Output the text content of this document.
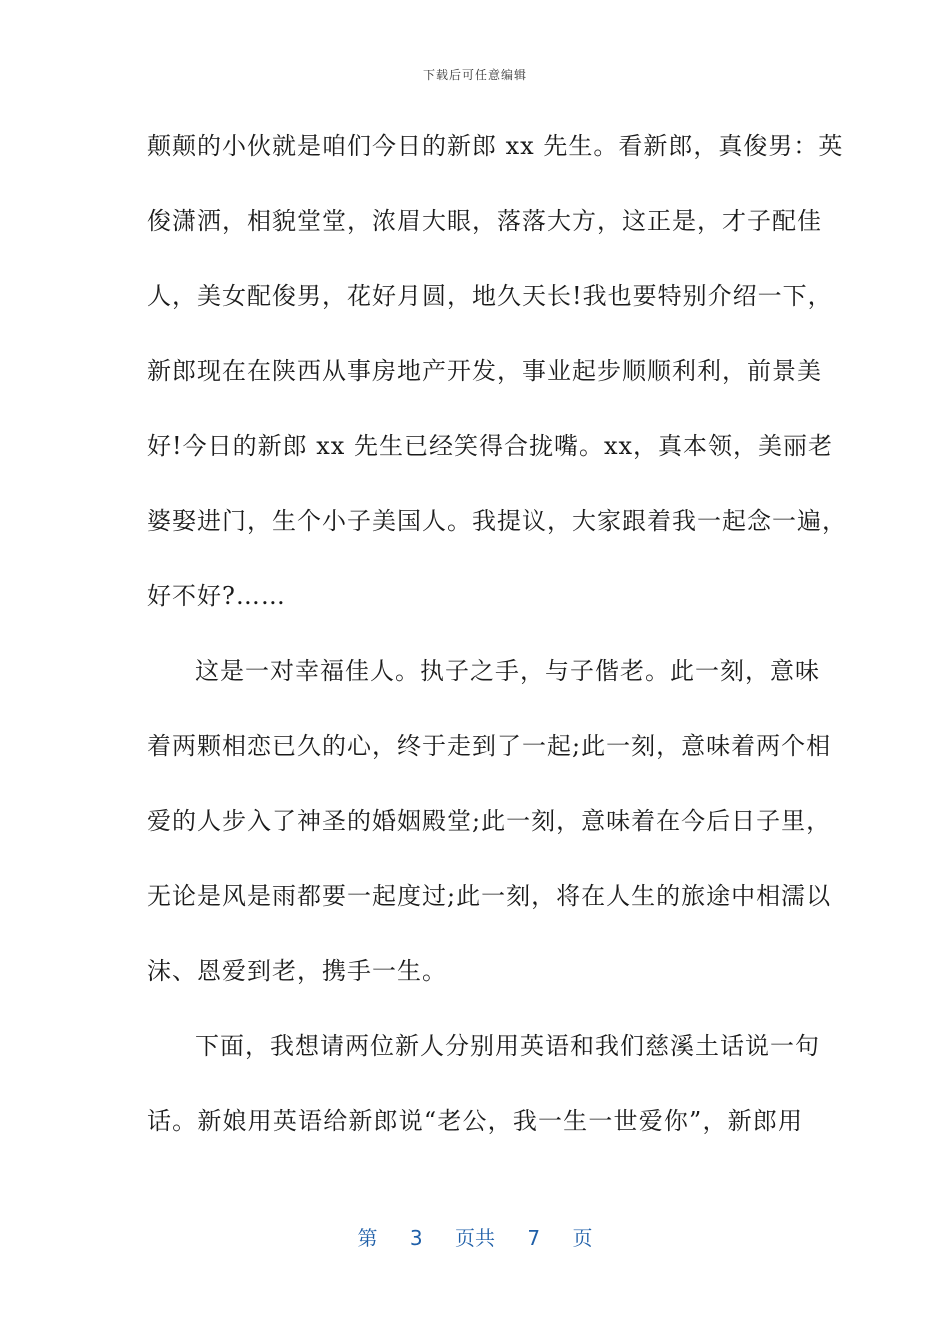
下载后可任意编辑
颠颠的小伙就是咱们今日的新郎 xx 先生。看新郎，真俊男：英
俊潇洒，相貌堂堂，浓眉大眼，落落大方，这正是，才子配佳
人，美女配俊男，花好月圆，地久天长!我也要特别介绍一下，
新郎现在在陕西从事房地产开发，事业起步顺顺利利，前景美
好!今日的新郎 xx 先生已经笑得合拢嘴。xx，真本领，美丽老
婆娶进门，生个小子美国人。我提议，大家跟着我一起念一遍，
好不好?……
这是一对幸福佳人。执子之手，与子偕老。此一刻，意味
着两颗相恋已久的心，终于走到了一起;此一刻，意味着两个相
爱的人步入了神圣的婚姻殿堂;此一刻，意味着在今后日子里，
无论是风是雨都要一起度过;此一刻，将在人生的旅途中相濡以
沫、恩爱到老，携手一生。
下面，我想请两位新人分别用英语和我们慈溪土话说一句
话。新娘用英语给新郎说“老公，我一生一世爱你”，新郎用
第 3 页共 7 页
